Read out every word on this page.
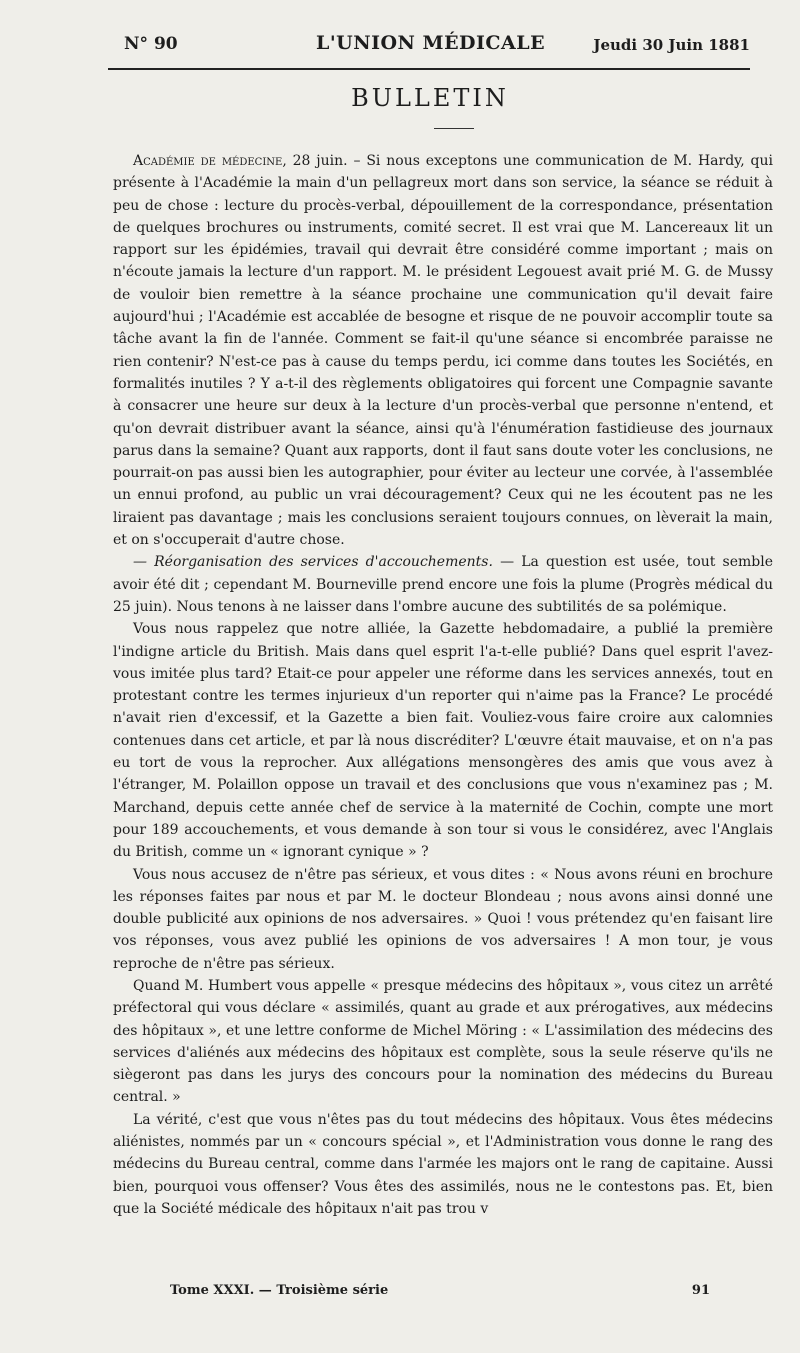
N° 90	L'UNION MÉDICALE	Jeudi 30 Juin 1881
BULLETIN

Académie de médecine, 28 juin. – Si nous exceptons une communication de M. Hardy, qui présente à l'Académie la main d'un pellagreux mort dans son service, la séance se réduit à peu de chose : lecture du procès-verbal, dépouillement de la correspondance, présentation de quelques brochures ou instruments, comité secret. Il est vrai que M. Lancereaux lit un rapport sur les épidémies, travail qui devrait être considéré comme important ; mais on n'écoute jamais la lecture d'un rapport. M. le président Legouest avait prié M. G. de Mussy de vouloir bien remettre à la séance prochaine une communication qu'il devait faire aujourd'hui ; l'Académie est accablée de besogne et risque de ne pouvoir accomplir toute sa tâche avant la fin de l'année. Comment se fait-il qu'une séance si encombrée paraisse ne rien contenir? N'est-ce pas à cause du temps perdu, ici comme dans toutes les Sociétés, en formalités inutiles ? Y a-t-il des règlements obligatoires qui forcent une Compagnie savante à consacrer une heure sur deux à la lecture d'un procès-verbal que personne n'entend, et qu'on devrait distribuer avant la séance, ainsi qu'à l'énumération fastidieuse des journaux parus dans la semaine? Quant aux rapports, dont il faut sans doute voter les conclusions, ne pourrait-on pas aussi bien les autographier, pour éviter au lecteur une corvée, à l'assemblée un ennui profond, au public un vrai découragement? Ceux qui ne les écoutent pas ne les liraient pas davantage ; mais les conclusions seraient toujours connues, on lèverait la main, et on s'occuperait d'autre chose.

— Réorganisation des services d'accouchements. — La question est usée, tout semble avoir été dit ; cependant M. Bourneville prend encore une fois la plume (Progrès médical du 25 juin). Nous tenons à ne laisser dans l'ombre aucune des subtilités de sa polémique.

Vous nous rappelez que notre alliée, la Gazette hebdomadaire, a publié la première l'indigne article du British. Mais dans quel esprit l'a-t-elle publié? Dans quel esprit l'avez-vous imitée plus tard? Etait-ce pour appeler une réforme dans les services annexés, tout en protestant contre les termes injurieux d'un reporter qui n'aime pas la France? Le procédé n'avait rien d'excessif, et la Gazette a bien fait. Vouliez-vous faire croire aux calomnies contenues dans cet article, et par là nous discréditer? L'œuvre était mauvaise, et on n'a pas eu tort de vous la reprocher. Aux allégations mensongères des amis que vous avez à l'étranger, M. Polaillon oppose un travail et des conclusions que vous n'examinez pas ; M. Marchand, depuis cette année chef de service à la maternité de Cochin, compte une mort pour 189 accouchements, et vous demande à son tour si vous le considérez, avec l'Anglais du British, comme un « ignorant cynique » ?

Vous nous accusez de n'être pas sérieux, et vous dites : « Nous avons réuni en brochure les réponses faites par nous et par M. le docteur Blondeau ; nous avons ainsi donné une double publicité aux opinions de nos adversaires. » Quoi ! vous prétendez qu'en faisant lire vos réponses, vous avez publié les opinions de vos adversaires ! A mon tour, je vous reproche de n'être pas sérieux.

Quand M. Humbert vous appelle « presque médecins des hôpitaux », vous citez un arrêté préfectoral qui vous déclare « assimilés, quant au grade et aux prérogatives, aux médecins des hôpitaux », et une lettre conforme de Michel Möring : « L'assimilation des médecins des services d'aliénés aux médecins des hôpitaux est complète, sous la seule réserve qu'ils ne siègeront pas dans les jurys des concours pour la nomination des médecins du Bureau central. »

La vérité, c'est que vous n'êtes pas du tout médecins des hôpitaux. Vous êtes médecins aliénistes, nommés par un « concours spécial », et l'Administration vous donne le rang des médecins du Bureau central, comme dans l'armée les majors ont le rang de capitaine. Aussi bien, pourquoi vous offenser? Vous êtes des assimilés, nous ne le contestons pas. Et, bien que la Société médicale des hôpitaux n'ait pas trou v

Tome XXXI. — Troisième série	91
